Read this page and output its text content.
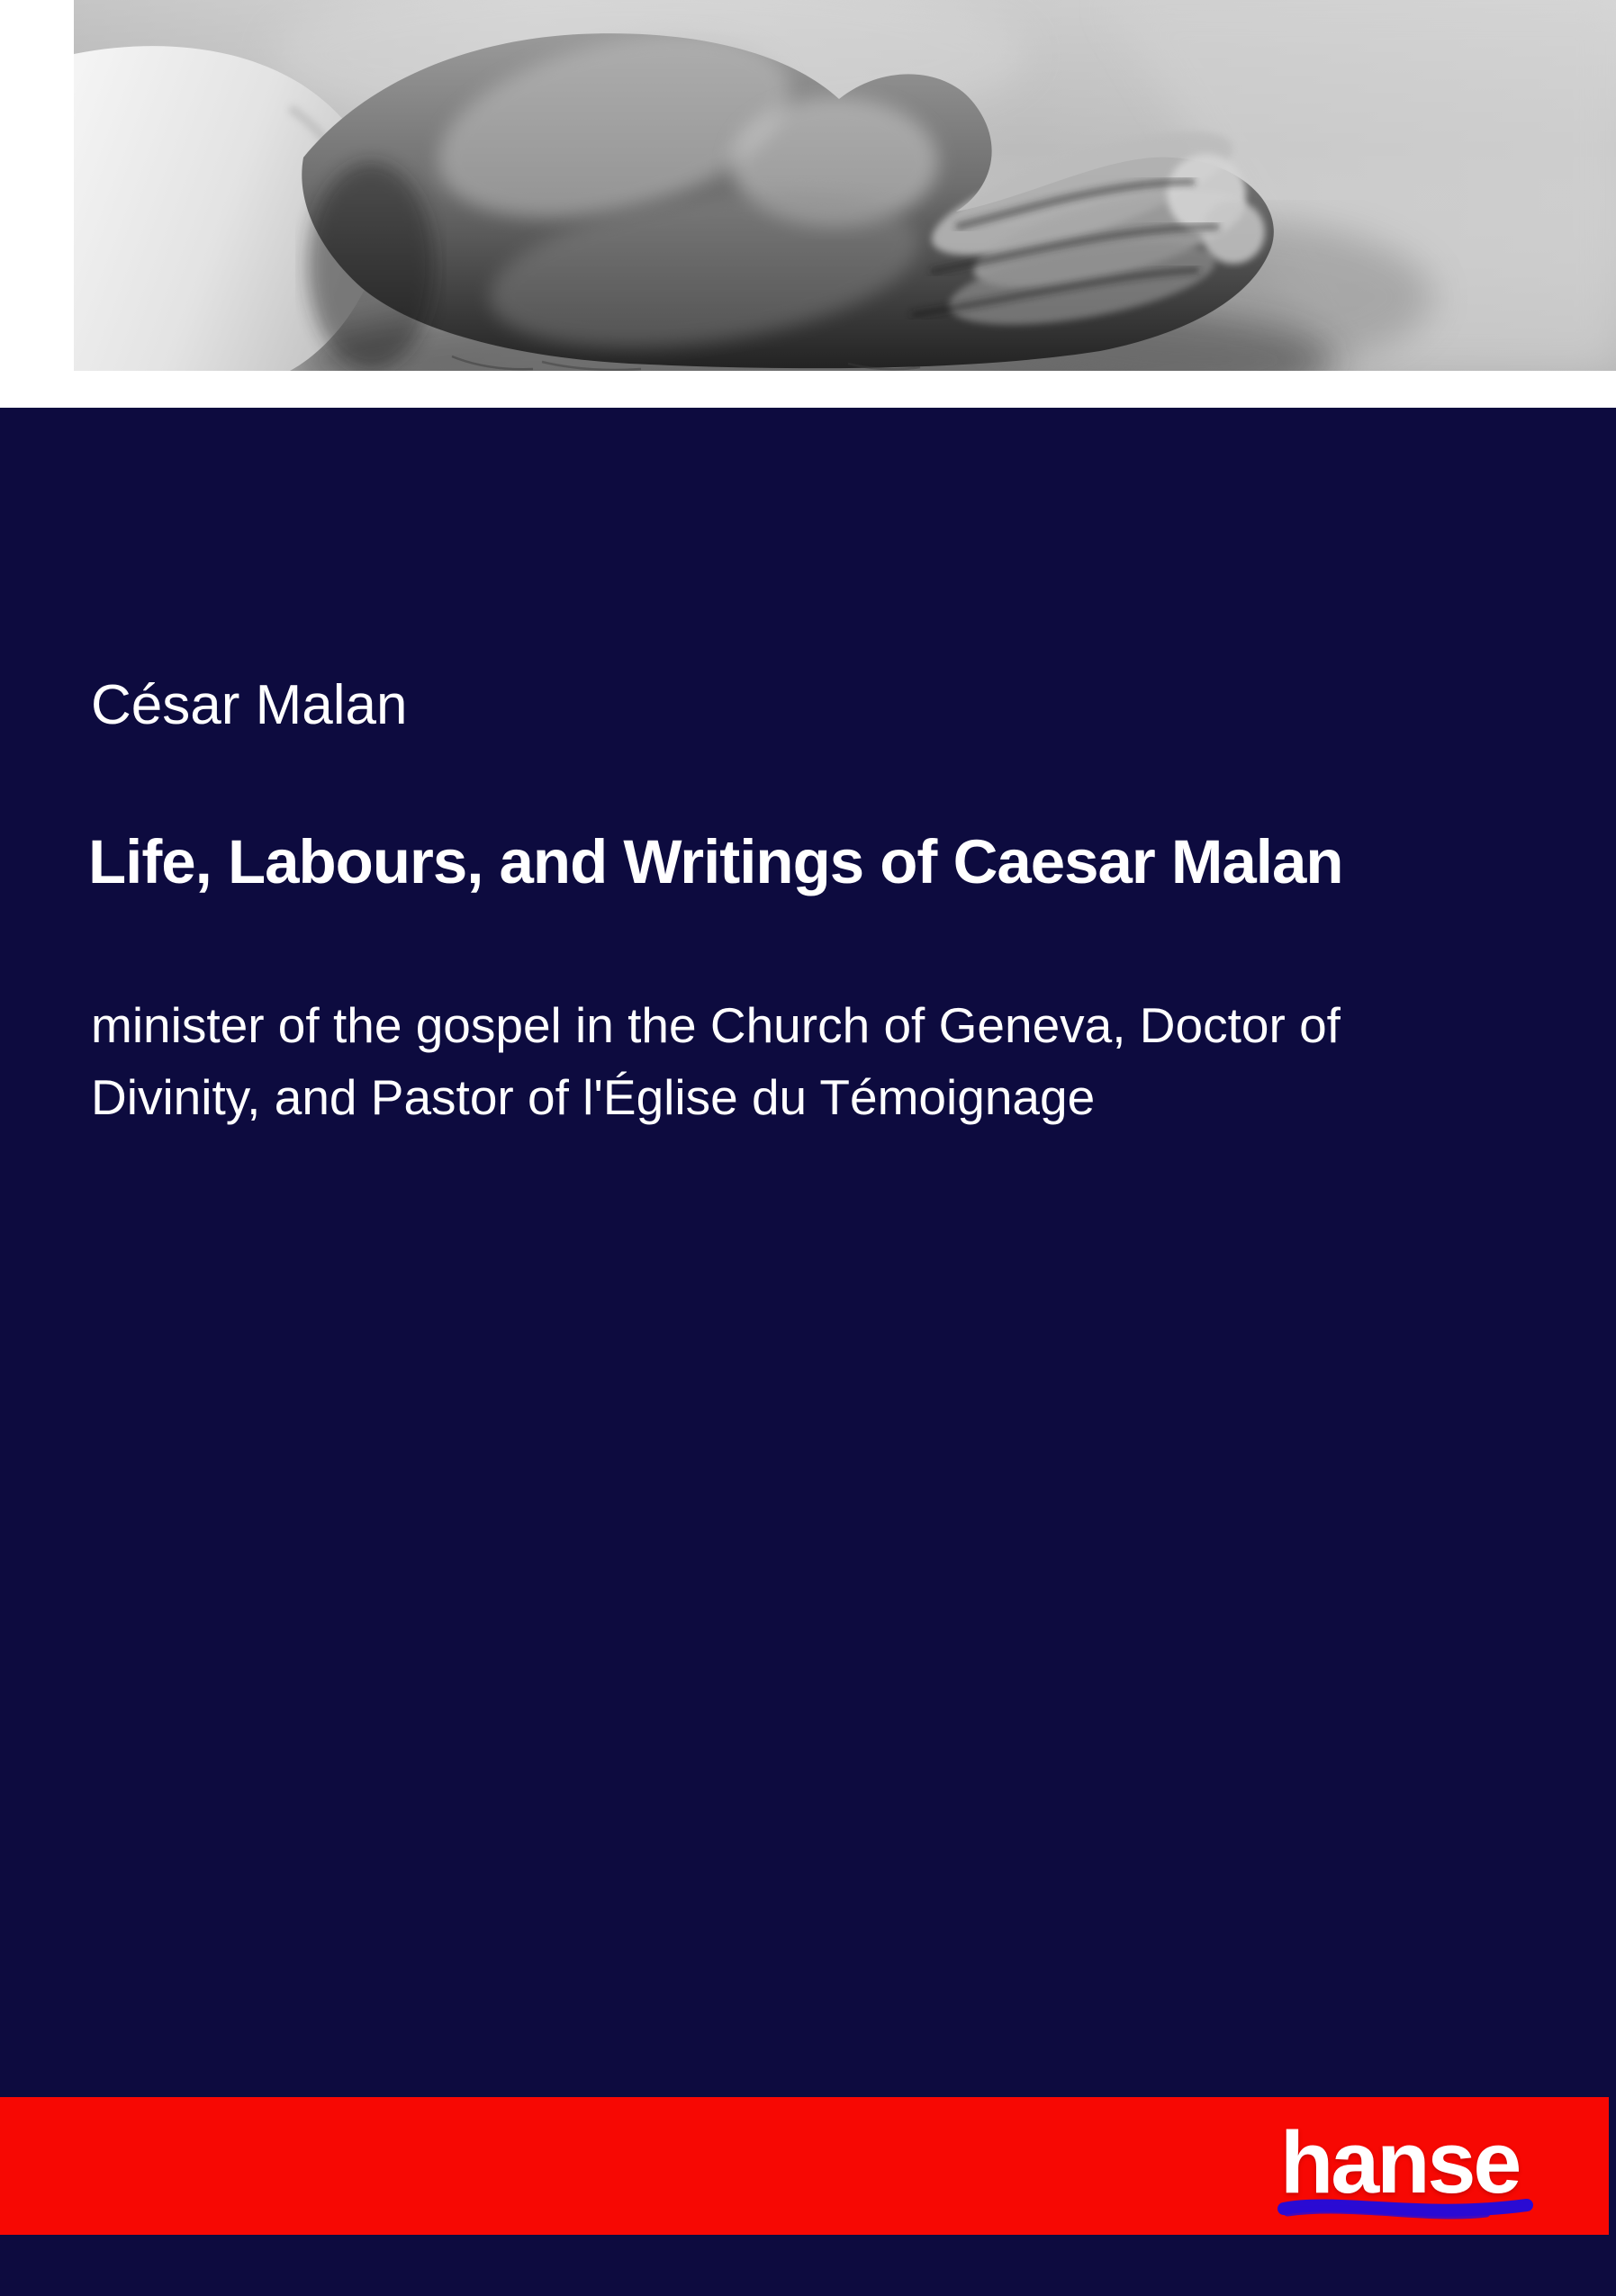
César Malan
Life, Labours, and Writings of Caesar Malan
minister of the gospel in the Church of Geneva, Doctor of
Divinity, and Pastor of l'Église du Témoignage
hanse
